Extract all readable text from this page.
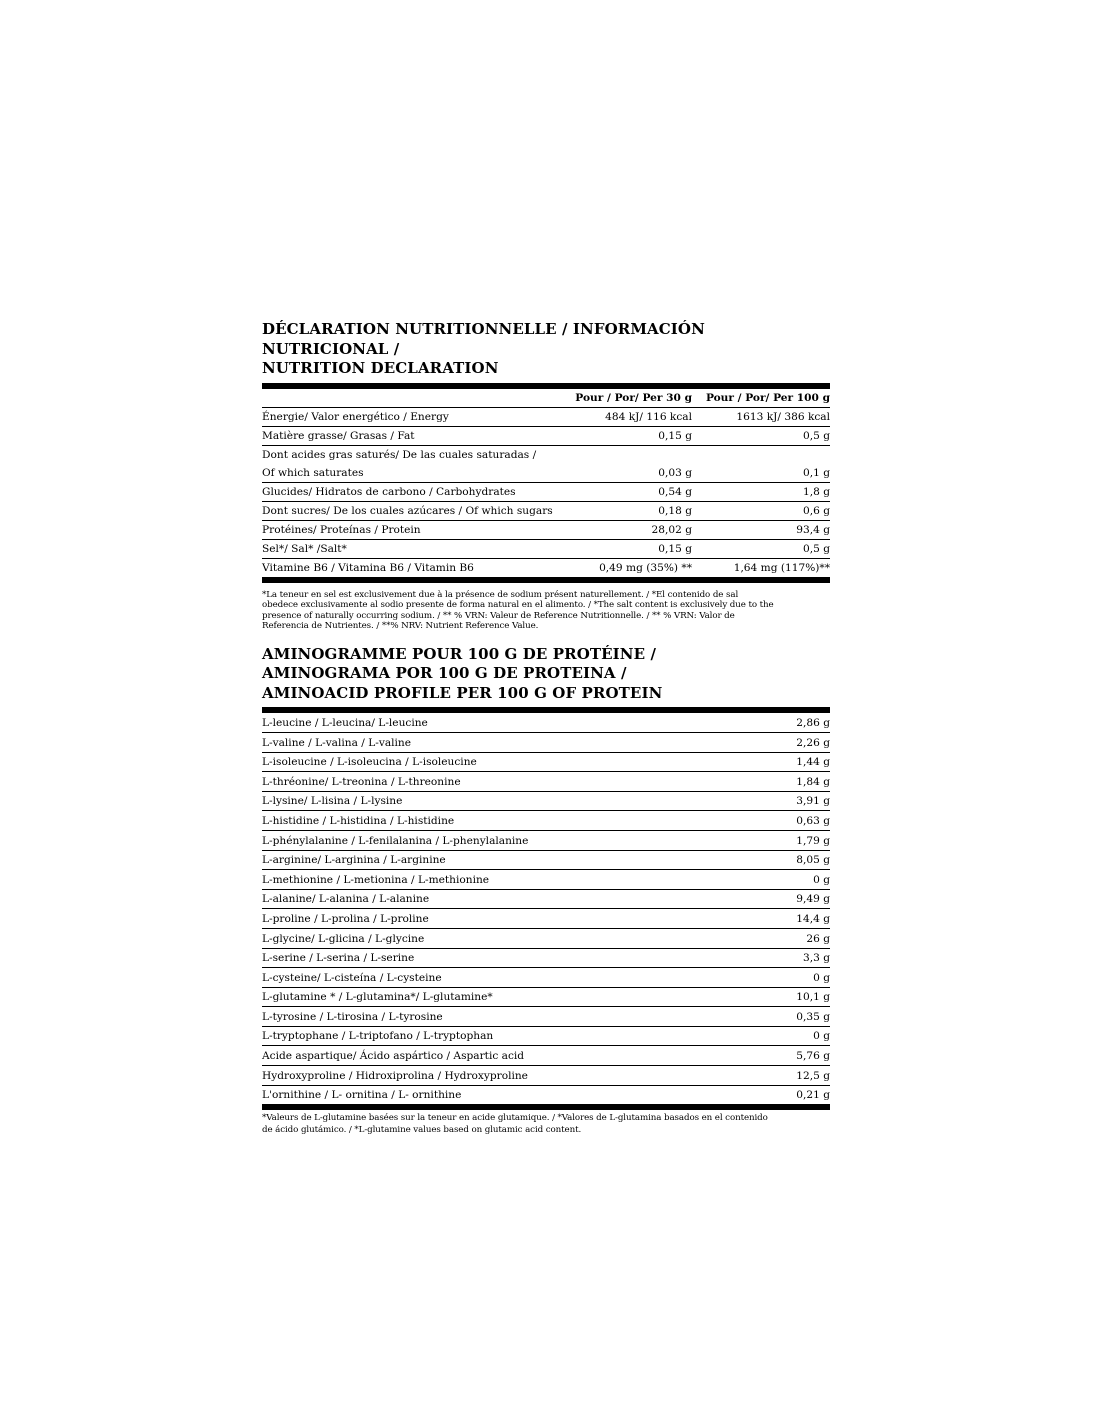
DÉCLARATION NUTRITIONNELLE / INFORMACIÓN NUTRICIONAL /
NUTRITION DECLARATION
	Pour / Por/ Per 30 g	Pour / Por/ Per 100 g
Énergie/ Valor energético / Energy	484 kJ/ 116 kcal	1613 kJ/ 386 kcal
Matière grasse/ Grasas / Fat	0,15 g	0,5 g
Dont acides gras saturés/ De las cuales saturadas /		
Of which saturates	0,03 g	0,1 g
Glucides/ Hidratos de carbono / Carbohydrates	0,54 g	1,8 g
Dont sucres/ De los cuales azúcares / Of which sugars	0,18 g	0,6 g
Protéines/ Proteínas / Protein	28,02 g	93,4 g
Sel*/ Sal* /Salt*	0,15 g	0,5 g
Vitamine B6 / Vitamina B6 / Vitamin B6	0,49 mg (35%) **	1,64 mg (117%)**

*La teneur en sel est exclusivement due à la présence de sodium présent naturellement. / *El contenido de sal
obedece exclusivamente al sodio presente de forma natural en el alimento. / *The salt content is exclusively due to the
presence of naturally occurring sodium. / ** % VRN: Valeur de Reference Nutritionnelle. / ** % VRN: Valor de
Referencia de Nutrientes. / **% NRV: Nutrient Reference Value.

AMINOGRAMME POUR 100 G DE PROTÉINE /
AMINOGRAMA POR 100 G DE PROTEINA /
AMINOACID PROFILE PER 100 G OF PROTEIN
L-leucine / L-leucina/ L-leucine	2,86 g
L-valine / L-valina / L-valine	2,26 g
L-isoleucine / L-isoleucina / L-isoleucine	1,44 g
L-thréonine/ L-treonina / L-threonine	1,84 g
L-lysine/ L-lisina / L-lysine	3,91 g
L-histidine / L-histidina / L-histidine	0,63 g
L-phénylalanine / L-fenilalanina / L-phenylalanine	1,79 g
L-arginine/ L-arginina / L-arginine	8,05 g
L-methionine / L-metionina / L-methionine	0 g
L-alanine/ L-alanina / L-alanine	9,49 g
L-proline / L-prolina / L-proline	14,4 g
L-glycine/ L-glicina / L-glycine	26 g
L-serine / L-serina / L-serine	3,3 g
L-cysteine/ L-cisteína / L-cysteine	0 g
L-glutamine * / L-glutamina*/ L-glutamine*	10,1 g
L-tyrosine / L-tirosina / L-tyrosine	0,35 g
L-tryptophane / L-triptofano / L-tryptophan	0 g
Acide aspartique/ Ácido aspártico / Aspartic acid	5,76 g
Hydroxyproline / Hidroxiprolina / Hydroxyproline	12,5 g
L'ornithine / L- ornitina / L- ornithine	0,21 g

*Valeurs de L-glutamine basées sur la teneur en acide glutamique. / *Valores de L-glutamina basados en el contenido
de ácido glutámico. / *L-glutamine values based on glutamic acid content.
